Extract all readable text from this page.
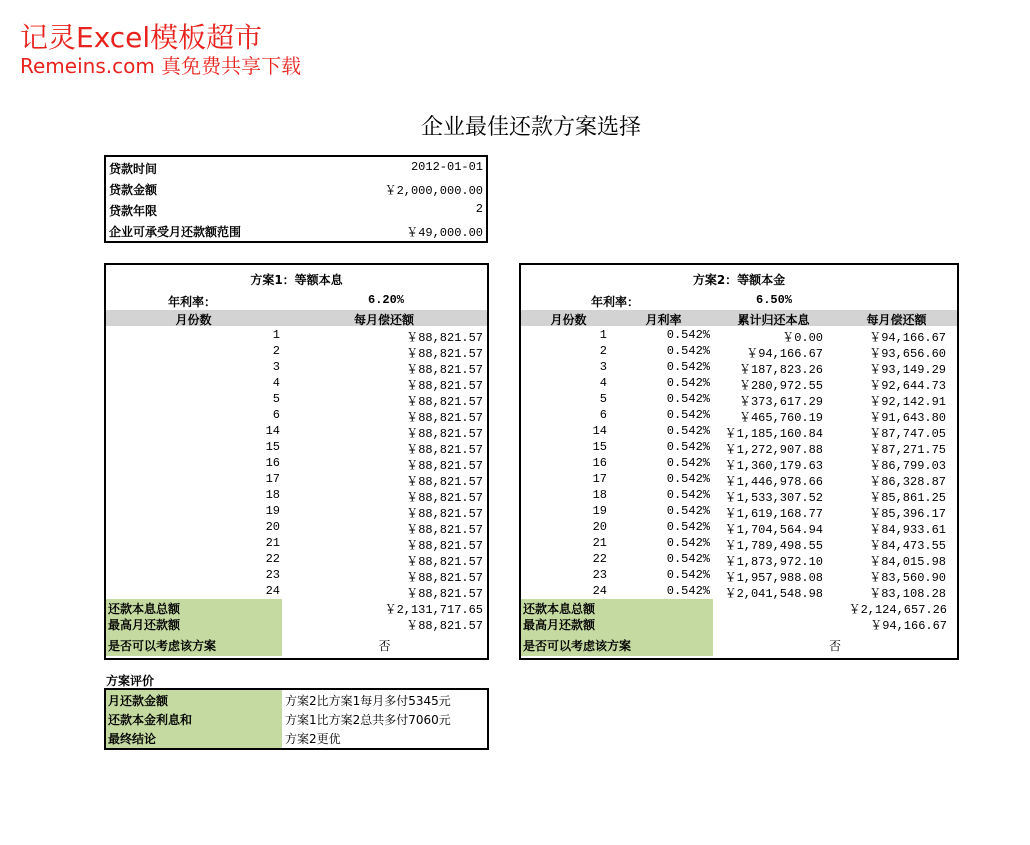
记灵Excel模板超市
Remeins.com 真免费共享下载
企业最佳还款方案选择
贷款时间	2012-01-01
贷款金额	￥2,000,000.00
贷款年限	2
企业可承受月还款额范围	￥49,000.00
方案1：等额本息
年利率：	6.20%
月份数	每月偿还额
1	￥88,821.57
2	￥88,821.57
3	￥88,821.57
4	￥88,821.57
5	￥88,821.57
6	￥88,821.57
14	￥88,821.57
15	￥88,821.57
16	￥88,821.57
17	￥88,821.57
18	￥88,821.57
19	￥88,821.57
20	￥88,821.57
21	￥88,821.57
22	￥88,821.57
23	￥88,821.57
24	￥88,821.57
还款本息总额	￥2,131,717.65
最高月还款额	￥88,821.57
是否可以考虑该方案	否
方案2：等额本金
年利率：	6.50%
月份数	月利率	累计归还本息	每月偿还额
1	0.542%	￥0.00	￥94,166.67
2	0.542%	￥94,166.67	￥93,656.60
3	0.542%	￥187,823.26	￥93,149.29
4	0.542%	￥280,972.55	￥92,644.73
5	0.542%	￥373,617.29	￥92,142.91
6	0.542%	￥465,760.19	￥91,643.80
14	0.542%	￥1,185,160.84	￥87,747.05
15	0.542%	￥1,272,907.88	￥87,271.75
16	0.542%	￥1,360,179.63	￥86,799.03
17	0.542%	￥1,446,978.66	￥86,328.87
18	0.542%	￥1,533,307.52	￥85,861.25
19	0.542%	￥1,619,168.77	￥85,396.17
20	0.542%	￥1,704,564.94	￥84,933.61
21	0.542%	￥1,789,498.55	￥84,473.55
22	0.542%	￥1,873,972.10	￥84,015.98
23	0.542%	￥1,957,988.08	￥83,560.90
24	0.542%	￥2,041,548.98	￥83,108.28
还款本息总额	￥2,124,657.26
最高月还款额	￥94,166.67
是否可以考虑该方案	否
方案评价
月还款金额	方案2比方案1每月多付5345元
还款本金利息和	方案1比方案2总共多付7060元
最终结论	方案2更优
